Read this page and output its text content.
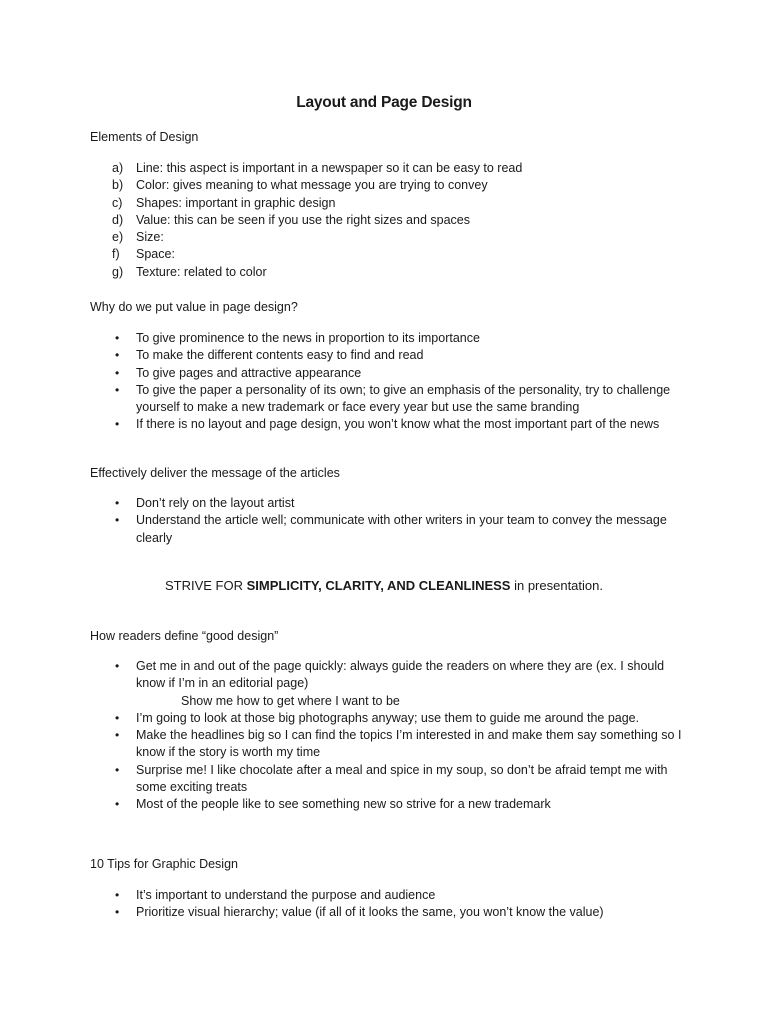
Layout and Page Design
Elements of Design
a) Line: this aspect is important in a newspaper so it can be easy to read
b) Color: gives meaning to what message you are trying to convey
c) Shapes: important in graphic design
d) Value: this can be seen if you use the right sizes and spaces
e) Size:
f) Space:
g) Texture: related to color
Why do we put value in page design?
• To give prominence to the news in proportion to its importance
• To make the different contents easy to find and read
• To give pages and attractive appearance
• To give the paper a personality of its own; to give an emphasis of the personality, try to challenge yourself to make a new trademark or face every year but use the same branding
• If there is no layout and page design, you won’t know what the most important part of the news
Effectively deliver the message of the articles
• Don’t rely on the layout artist
• Understand the article well; communicate with other writers in your team to convey the message clearly
STRIVE FOR SIMPLICITY, CLARITY, AND CLEANLINESS in presentation.
How readers define “good design”
• Get me in and out of the page quickly: always guide the readers on where they are (ex. I should know if I’m in an editorial page)
Show me how to get where I want to be
• I’m going to look at those big photographs anyway; use them to guide me around the page.
• Make the headlines big so I can find the topics I’m interested in and make them say something so I know if the story is worth my time
• Surprise me! I like chocolate after a meal and spice in my soup, so don’t be afraid tempt me with some exciting treats
• Most of the people like to see something new so strive for a new trademark
10 Tips for Graphic Design
• It’s important to understand the purpose and audience
• Prioritize visual hierarchy; value (if all of it looks the same, you won’t know the value)
